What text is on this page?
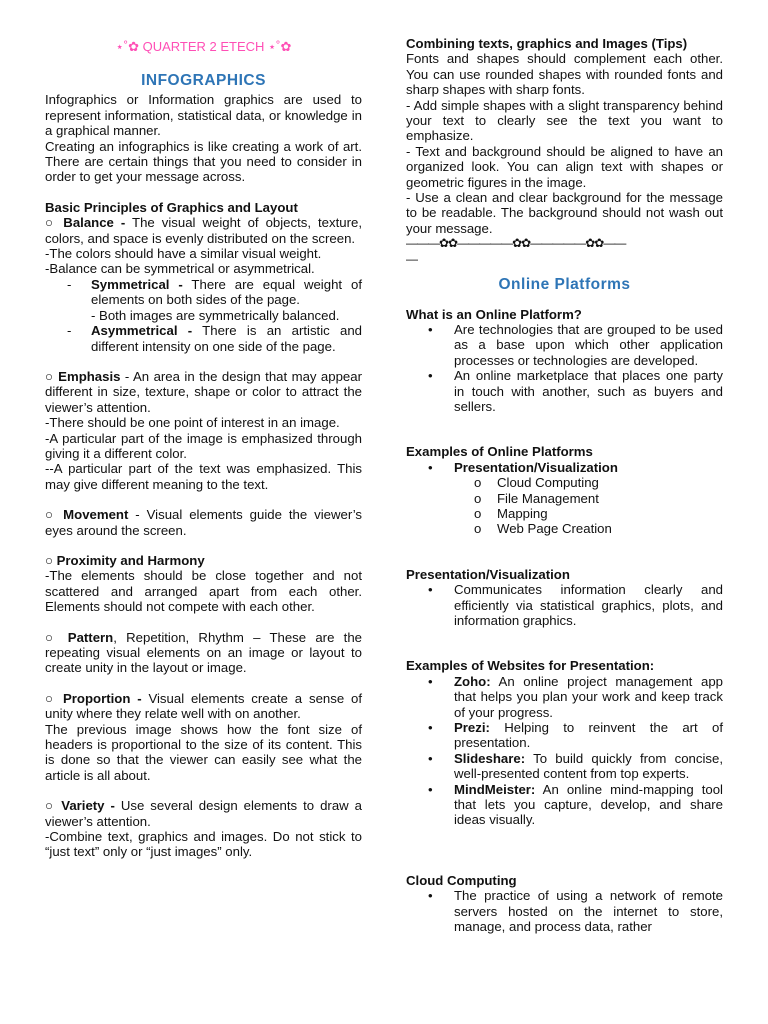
⋆˚✿ QUARTER 2 ETECH ⋆˚✿
INFOGRAPHICS

Infographics or Information graphics are used to represent information, statistical data, or knowledge in a graphical manner.

Creating an infographics is like creating a work of art. There are certain things that you need to consider in order to get your message across.

Basic Principles of Graphics and Layout

○ Balance - The visual weight of objects, texture, colors, and space is evenly distributed on the screen.

-The colors should have a similar visual weight.

-Balance can be symmetrical or asymmetrical.

-	Symmetrical - There are equal weight of elements on both sides of the page.
- Both images are symmetrically balanced.
-	Asymmetrical - There is an artistic and different intensity on one side of the page.

○ Emphasis - An area in the design that may appear different in size, texture, shape or color to attract the viewer’s attention.

-There should be one point of interest in an image.

-A particular part of the image is emphasized through giving it a different color.

--A particular part of the text was emphasized. This may give different meaning to the text.

○ Movement - Visual elements guide the viewer’s eyes around the screen.

○ Proximity and Harmony

-The elements should be close together and not scattered and arranged apart from each other. Elements should not compete with each other.

○ Pattern, Repetition, Rhythm – These are the repeating visual elements on an image or layout to create unity in the layout or image.

○ Proportion - Visual elements create a sense of unity where they relate well with on another.

The previous image shows how the font size of headers is proportional to the size of its content. This is done so that the viewer can easily see what the article is all about.

○ Variety - Use several design elements to draw a viewer’s attention.

-Combine text, graphics and images. Do not stick to “just text” only or “just images” only.

Combining texts, graphics and Images (Tips)

Fonts and shapes should complement each other. You can use rounded shapes with rounded fonts and sharp shapes with sharp fonts.

- Add simple shapes with a slight transparency behind your text to clearly see the text you want to emphasize.

- Text and background should be aligned to have an organized look. You can align text with shapes or geometric figures in the image.

- Use a clean and clear background for the message to be readable. The background should not wash out your message.

———✿✿—————✿✿—————✿✿——

—

Online Platforms

What is an Online Platform?

•	Are technologies that are grouped to be used as a base upon which other application processes or technologies are developed.
•	An online marketplace that places one party in touch with another, such as buyers and sellers.

Examples of Online Platforms

•	Presentation/Visualization
o	Cloud Computing
o	File Management
o	Mapping
o	Web Page Creation

Presentation/Visualization

•	Communicates information clearly and efficiently via statistical graphics, plots, and information graphics.

Examples of Websites for Presentation:

•	Zoho: An online project management app that helps you plan your work and keep track of your progress.
•	Prezi: Helping to reinvent the art of presentation.
•	Slideshare: To build quickly from concise, well-presented content from top experts.
•	MindMeister: An online mind-mapping tool that lets you capture, develop, and share ideas visually.

Cloud Computing

•	The practice of using a network of remote servers hosted on the internet to store, manage, and process data, rather
